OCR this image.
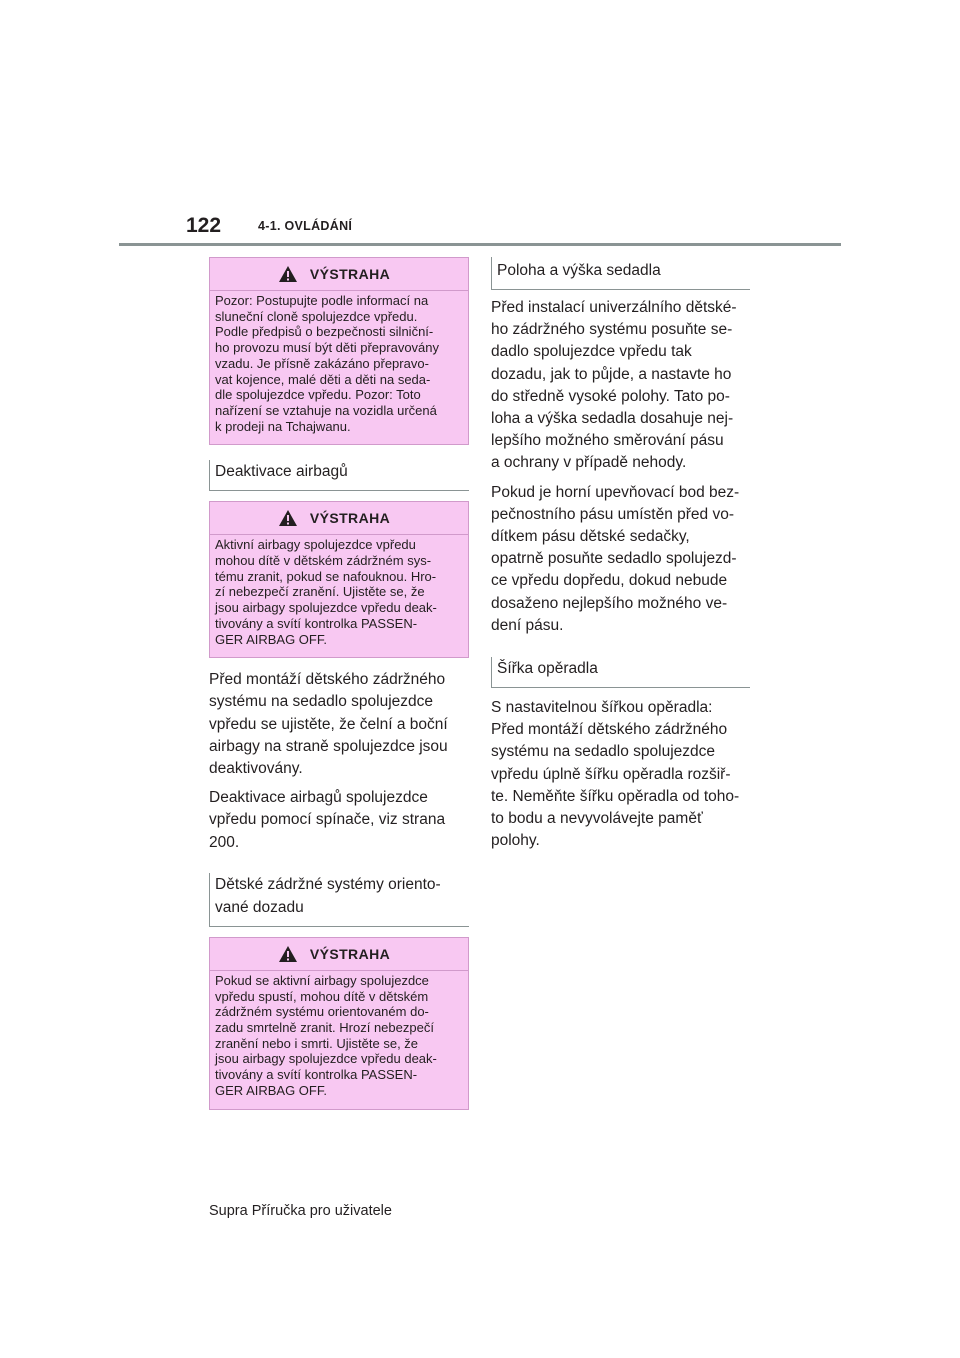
122	4-1. OVLÁDÁNÍ
VÝSTRAHA
Pozor: Postupujte podle informací na
sluneční cloně spolujezdce vpředu.
Podle předpisů o bezpečnosti silniční-
ho provozu musí být děti přepravovány
vzadu. Je přísně zakázáno přepravo-
vat kojence, malé děti a děti na seda-
dle spolujezdce vpředu. Pozor: Toto
nařízení se vztahuje na vozidla určená
k prodeji na Tchajwanu.
Deaktivace airbagů
VÝSTRAHA
Aktivní airbagy spolujezdce vpředu
mohou dítě v dětském zádržném sys-
tému zranit, pokud se nafouknou. Hro-
zí nebezpečí zranění. Ujistěte se, že
jsou airbagy spolujezdce vpředu deak-
tivovány a svítí kontrolka PASSEN-
GER AIRBAG OFF.
Před montáží dětského zádržného
systému na sedadlo spolujezdce
vpředu se ujistěte, že čelní a boční
airbagy na straně spolujezdce jsou
deaktivovány.
Deaktivace airbagů spolujezdce
vpředu pomocí spínače, viz strana
200.
Dětské zádržné systémy oriento-
vané dozadu
VÝSTRAHA
Pokud se aktivní airbagy spolujezdce
vpředu spustí, mohou dítě v dětském
zádržném systému orientovaném do-
zadu smrtelně zranit. Hrozí nebezpečí
zranění nebo i smrti. Ujistěte se, že
jsou airbagy spolujezdce vpředu deak-
tivovány a svítí kontrolka PASSEN-
GER AIRBAG OFF.
Poloha a výška sedadla
Před instalací univerzálního dětské-
ho zádržného systému posuňte se-
dadlo spolujezdce vpředu tak
dozadu, jak to půjde, a nastavte ho
do středně vysoké polohy. Tato po-
loha a výška sedadla dosahuje nej-
lepšího možného směrování pásu
a ochrany v případě nehody.
Pokud je horní upevňovací bod bez-
pečnostního pásu umístěn před vo-
dítkem pásu dětské sedačky,
opatrně posuňte sedadlo spolujezd-
ce vpředu dopředu, dokud nebude
dosaženo nejlepšího možného ve-
dení pásu.
Šířka opěradla
S nastavitelnou šířkou opěradla:
Před montáží dětského zádržného
systému na sedadlo spolujezdce
vpředu úplně šířku opěradla rozšiř-
te. Neměňte šířku opěradla od toho-
to bodu a nevyvolávejte paměť
polohy.
Supra Příručka pro uživatele
